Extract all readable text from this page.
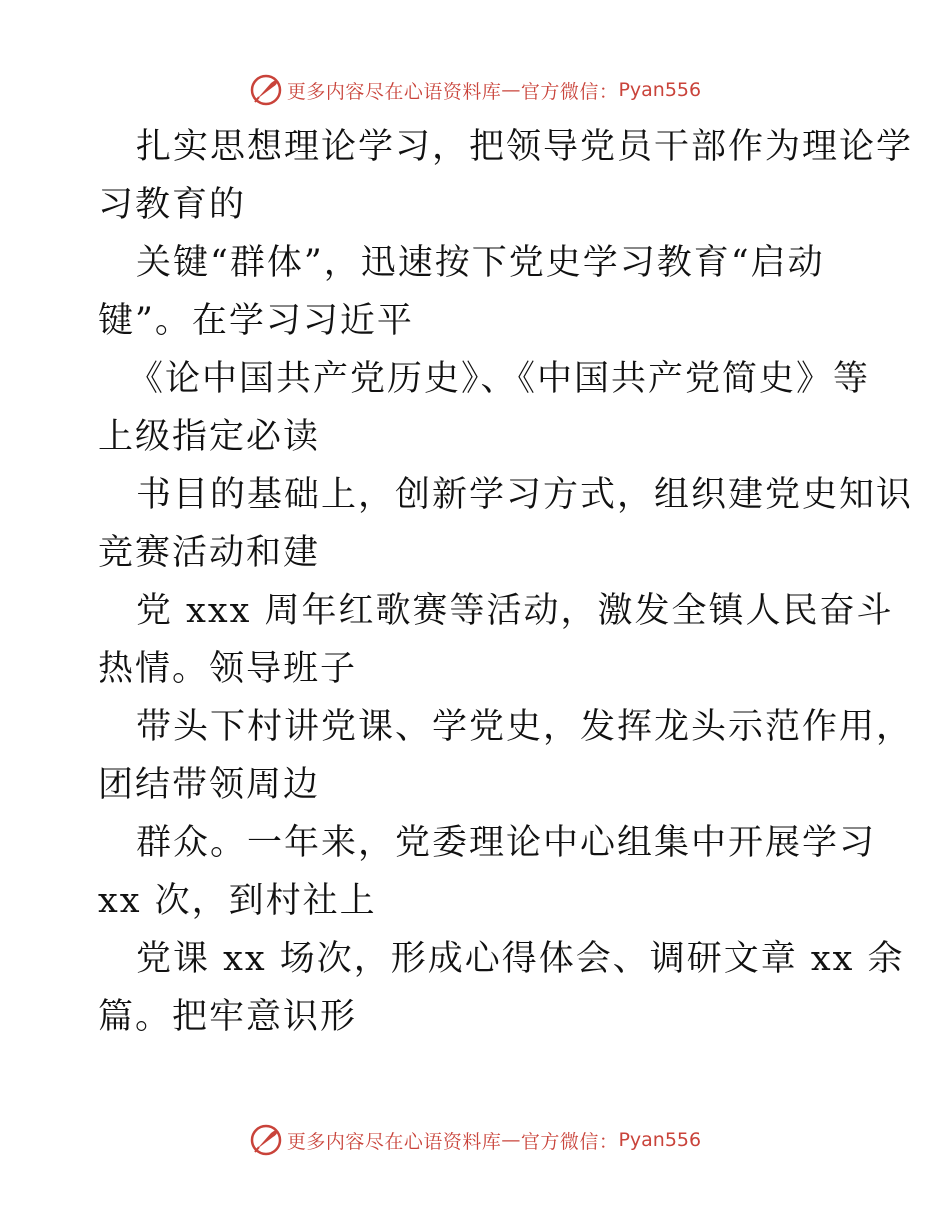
更多内容尽在心语资料库 — 官方微信： Pyan556
扎实思想理论学习，把领导党员干部作为理论学
习教育的
关键“群体”，迅速按下党史学习教育“启动
键”。在学习习近平
《论中国共产党历史》、《中国共产党简史》等
上级指定必读
书目的基础上，创新学习方式，组织建党史知识
竞赛活动和建
党 xxx 周年红歌赛等活动，激发全镇人民奋斗
热情。领导班子
带头下村讲党课、学党史，发挥龙头示范作用，
团结带领周边
群众。一年来，党委理论中心组集中开展学习
xx 次，到村社上
党课 xx 场次，形成心得体会、调研文章 xx 余
篇。把牢意识形
更多内容尽在心语资料库 — 官方微信： Pyan556
